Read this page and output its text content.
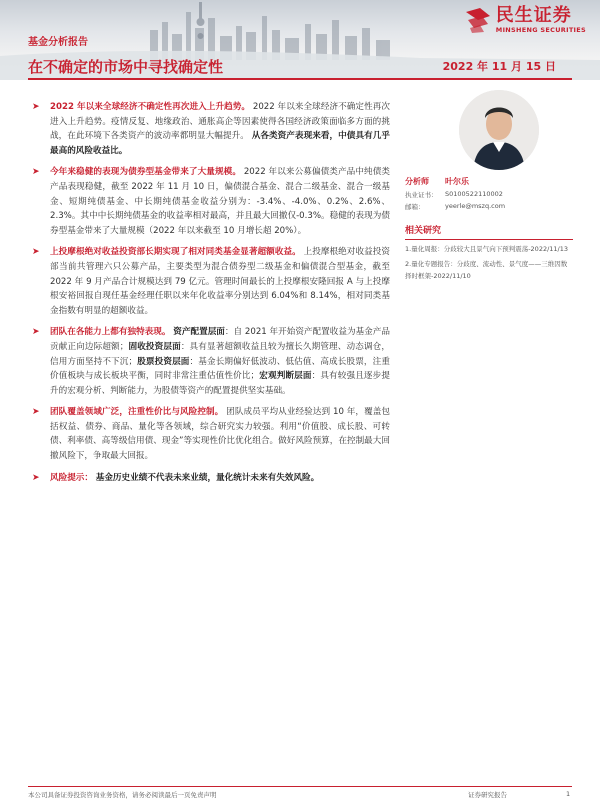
民生证券
MINSHENG SECURITIES
基金分析报告
在不确定的市场中寻找确定性	2022 年 11 月 15 日
➤	2022 年以来全球经济不确定性再次进入上升趋势。 2022 年以来全球经济不确定性再次进入上升趋势。疫情反复、地缘政治、通胀高企等因素使得各国经济政策面临多方面的挑战，在此环境下各类资产的波动率都明显大幅提升。 从各类资产表现来看，中债具有几乎最高的风险收益比。
➤	今年来稳健的表现为债券型基金带来了大量规模。 2022 年以来公募偏债类产品中纯债类产品表现稳健，截至 2022 年 11 月 10 日，偏债混合基金、混合二级基金、混合一级基金、短期纯债基金、中长期纯债基金收益分别为：-3.4%、-4.0%、0.2%、2.6%、2.3%。其中中长期纯债基金的收益率相对最高，并且最大回撤仅-0.3%。稳健的表现为债券型基金带来了大量规模（2022 年以来截至 10 月增长超 20%）。
➤	上投摩根绝对收益投资部长期实现了相对同类基金显著超额收益。 上投摩根绝对收益投资部当前共管理六只公募产品，主要类型为混合债券型二级基金和偏债混合型基金，截至 2022 年 9 月产品合计规模达到 79 亿元。管理时间最长的上投摩根安隆回报 A 与上投摩根安裕回报自现任基金经理任职以来年化收益率分别达到 6.04%和 8.14%，相对同类基金指数有明显的超额收益。
➤	团队在各能力上都有独特表现。 资产配置层面：自 2021 年开始资产配置收益为基金产品贡献正向边际超额；固收投资层面：具有显著超额收益且较为擅长久期管理、动态调仓，信用方面坚持不下沉；股票投资层面：基金长期偏好低波动、低估值、高成长股票，注重价值板块与成长板块平衡，同时非常注重估值性价比；宏观判断层面：具有较强且逐步提升的宏观分析、判断能力，为股债等资产的配置提供坚实基础。
➤	团队覆盖领域广泛，注重性价比与风险控制。 团队成员平均从业经验达到 10 年，覆盖包括权益、债券、商品、量化等各领域，综合研究实力较强。利用“价值股、成长股、可转债、利率债、高等级信用债、现金”等实现性价比优化组合。做好风险预算，在控制最大回撤风险下，争取最大回报。
➤	风险提示： 基金历史业绩不代表未来业绩，量化统计未来有失效风险。
分析师	叶尔乐
执业证书：	S0100522110002
邮箱：	yeerle@mszq.com
相关研究
1.量化周报：分歧较大且景气向下预判震荡-2022/11/13
2.量化专题报告：分歧度、流动性、景气度——三维因数择时框架-2022/11/10
本公司具备证券投资咨询业务资格，请务必阅读最后一页免责声明	证券研究报告	1
